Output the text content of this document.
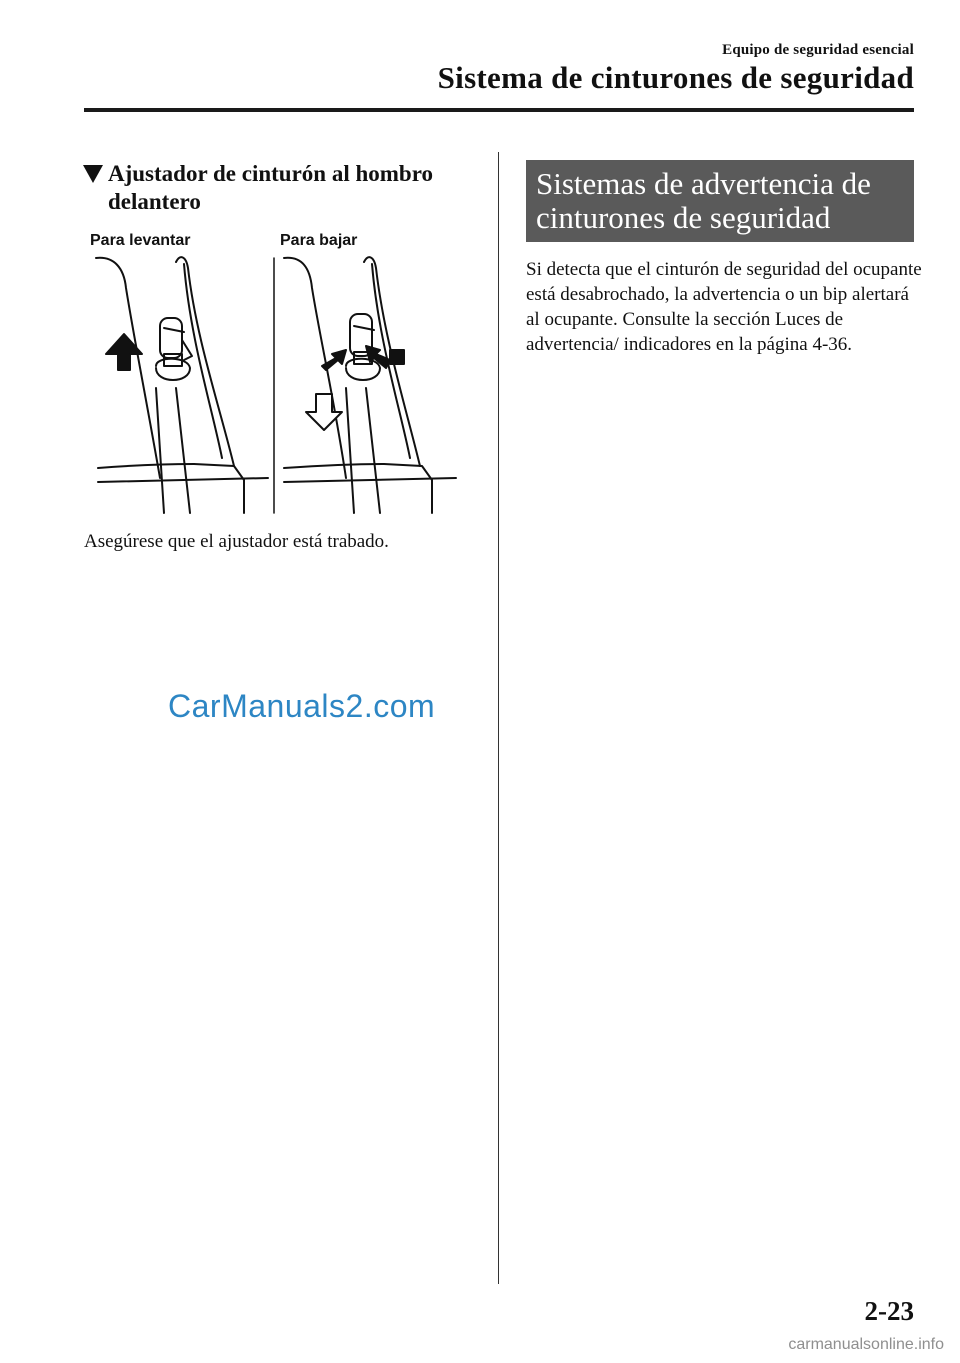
Equipo de seguridad esencial
Sistema de cinturones de seguridad
Ajustador de cinturón al hombro delantero
Para levantar	Para bajar
Asegúrese que el ajustador está trabado.
CarManuals2.com
Sistemas de advertencia de cinturones de seguridad
Si detecta que el cinturón de seguridad del ocupante está desabrochado, la advertencia o un bip alertará al ocupante. Consulte la sección Luces de advertencia/ indicadores en la página 4-36.
2-23
carmanualsonline.info
